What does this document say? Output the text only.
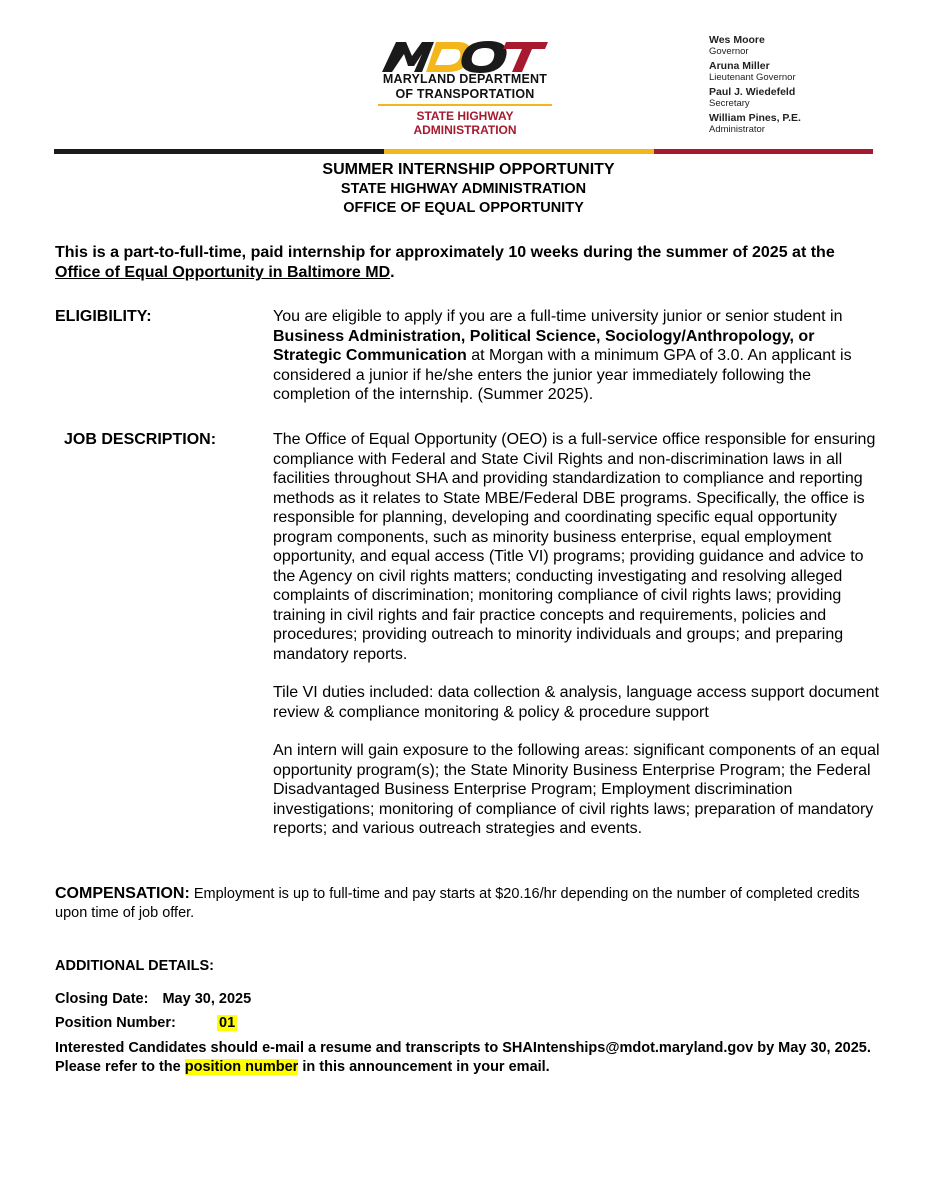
MDOT
MARYLAND DEPARTMENT
OF TRANSPORTATION
STATE HIGHWAY
ADMINISTRATION
Wes Moore
Governor
Aruna Miller
Lieutenant Governor
Paul J. Wiedefeld
Secretary
William Pines, P.E.
Administrator
SUMMER INTERNSHIP OPPORTUNITY
STATE HIGHWAY ADMINISTRATION
OFFICE OF EQUAL OPPORTUNITY
This is a part-to-full-time, paid internship for approximately 10 weeks during the summer of 2025 at the Office of Equal Opportunity in Baltimore MD.
ELIGIBILITY:	You are eligible to apply if you are a full-time university junior or senior student in Business Administration, Political Science, Sociology/Anthropology, or Strategic Communication at Morgan with a minimum GPA of 3.0. An applicant is considered a junior if he/she enters the junior year immediately following the completion of the internship. (Summer 2025).
JOB DESCRIPTION:	The Office of Equal Opportunity (OEO) is a full-service office responsible for ensuring compliance with Federal and State Civil Rights and non-discrimination laws in all facilities throughout SHA and providing standardization to compliance and reporting methods as it relates to State MBE/Federal DBE programs. Specifically, the office is responsible for planning, developing and coordinating specific equal opportunity program components, such as minority business enterprise, equal employment opportunity, and equal access (Title VI) programs; providing guidance and advice to the Agency on civil rights matters; conducting investigating and resolving alleged complaints of discrimination; monitoring compliance of civil rights laws; providing training in civil rights and fair practice concepts and requirements, policies and procedures; providing outreach to minority individuals and groups; and preparing mandatory reports.

Tile VI duties included: data collection & analysis, language access support document review & compliance monitoring & policy & procedure support

An intern will gain exposure to the following areas: significant components of an equal opportunity program(s); the State Minority Business Enterprise Program; the Federal Disadvantaged Business Enterprise Program; Employment discrimination investigations; monitoring of compliance of civil rights laws; preparation of mandatory reports; and various outreach strategies and events.

COMPENSATION: Employment is up to full-time and pay starts at $20.16/hr depending on the number of completed credits upon time of job offer.
ADDITIONAL DETAILS:
Closing Date: May 30, 2025
Position Number:	01
Interested Candidates should e-mail a resume and transcripts to SHAIntenships@mdot.maryland.gov by May 30, 2025. Please refer to the position number in this announcement in your email.
